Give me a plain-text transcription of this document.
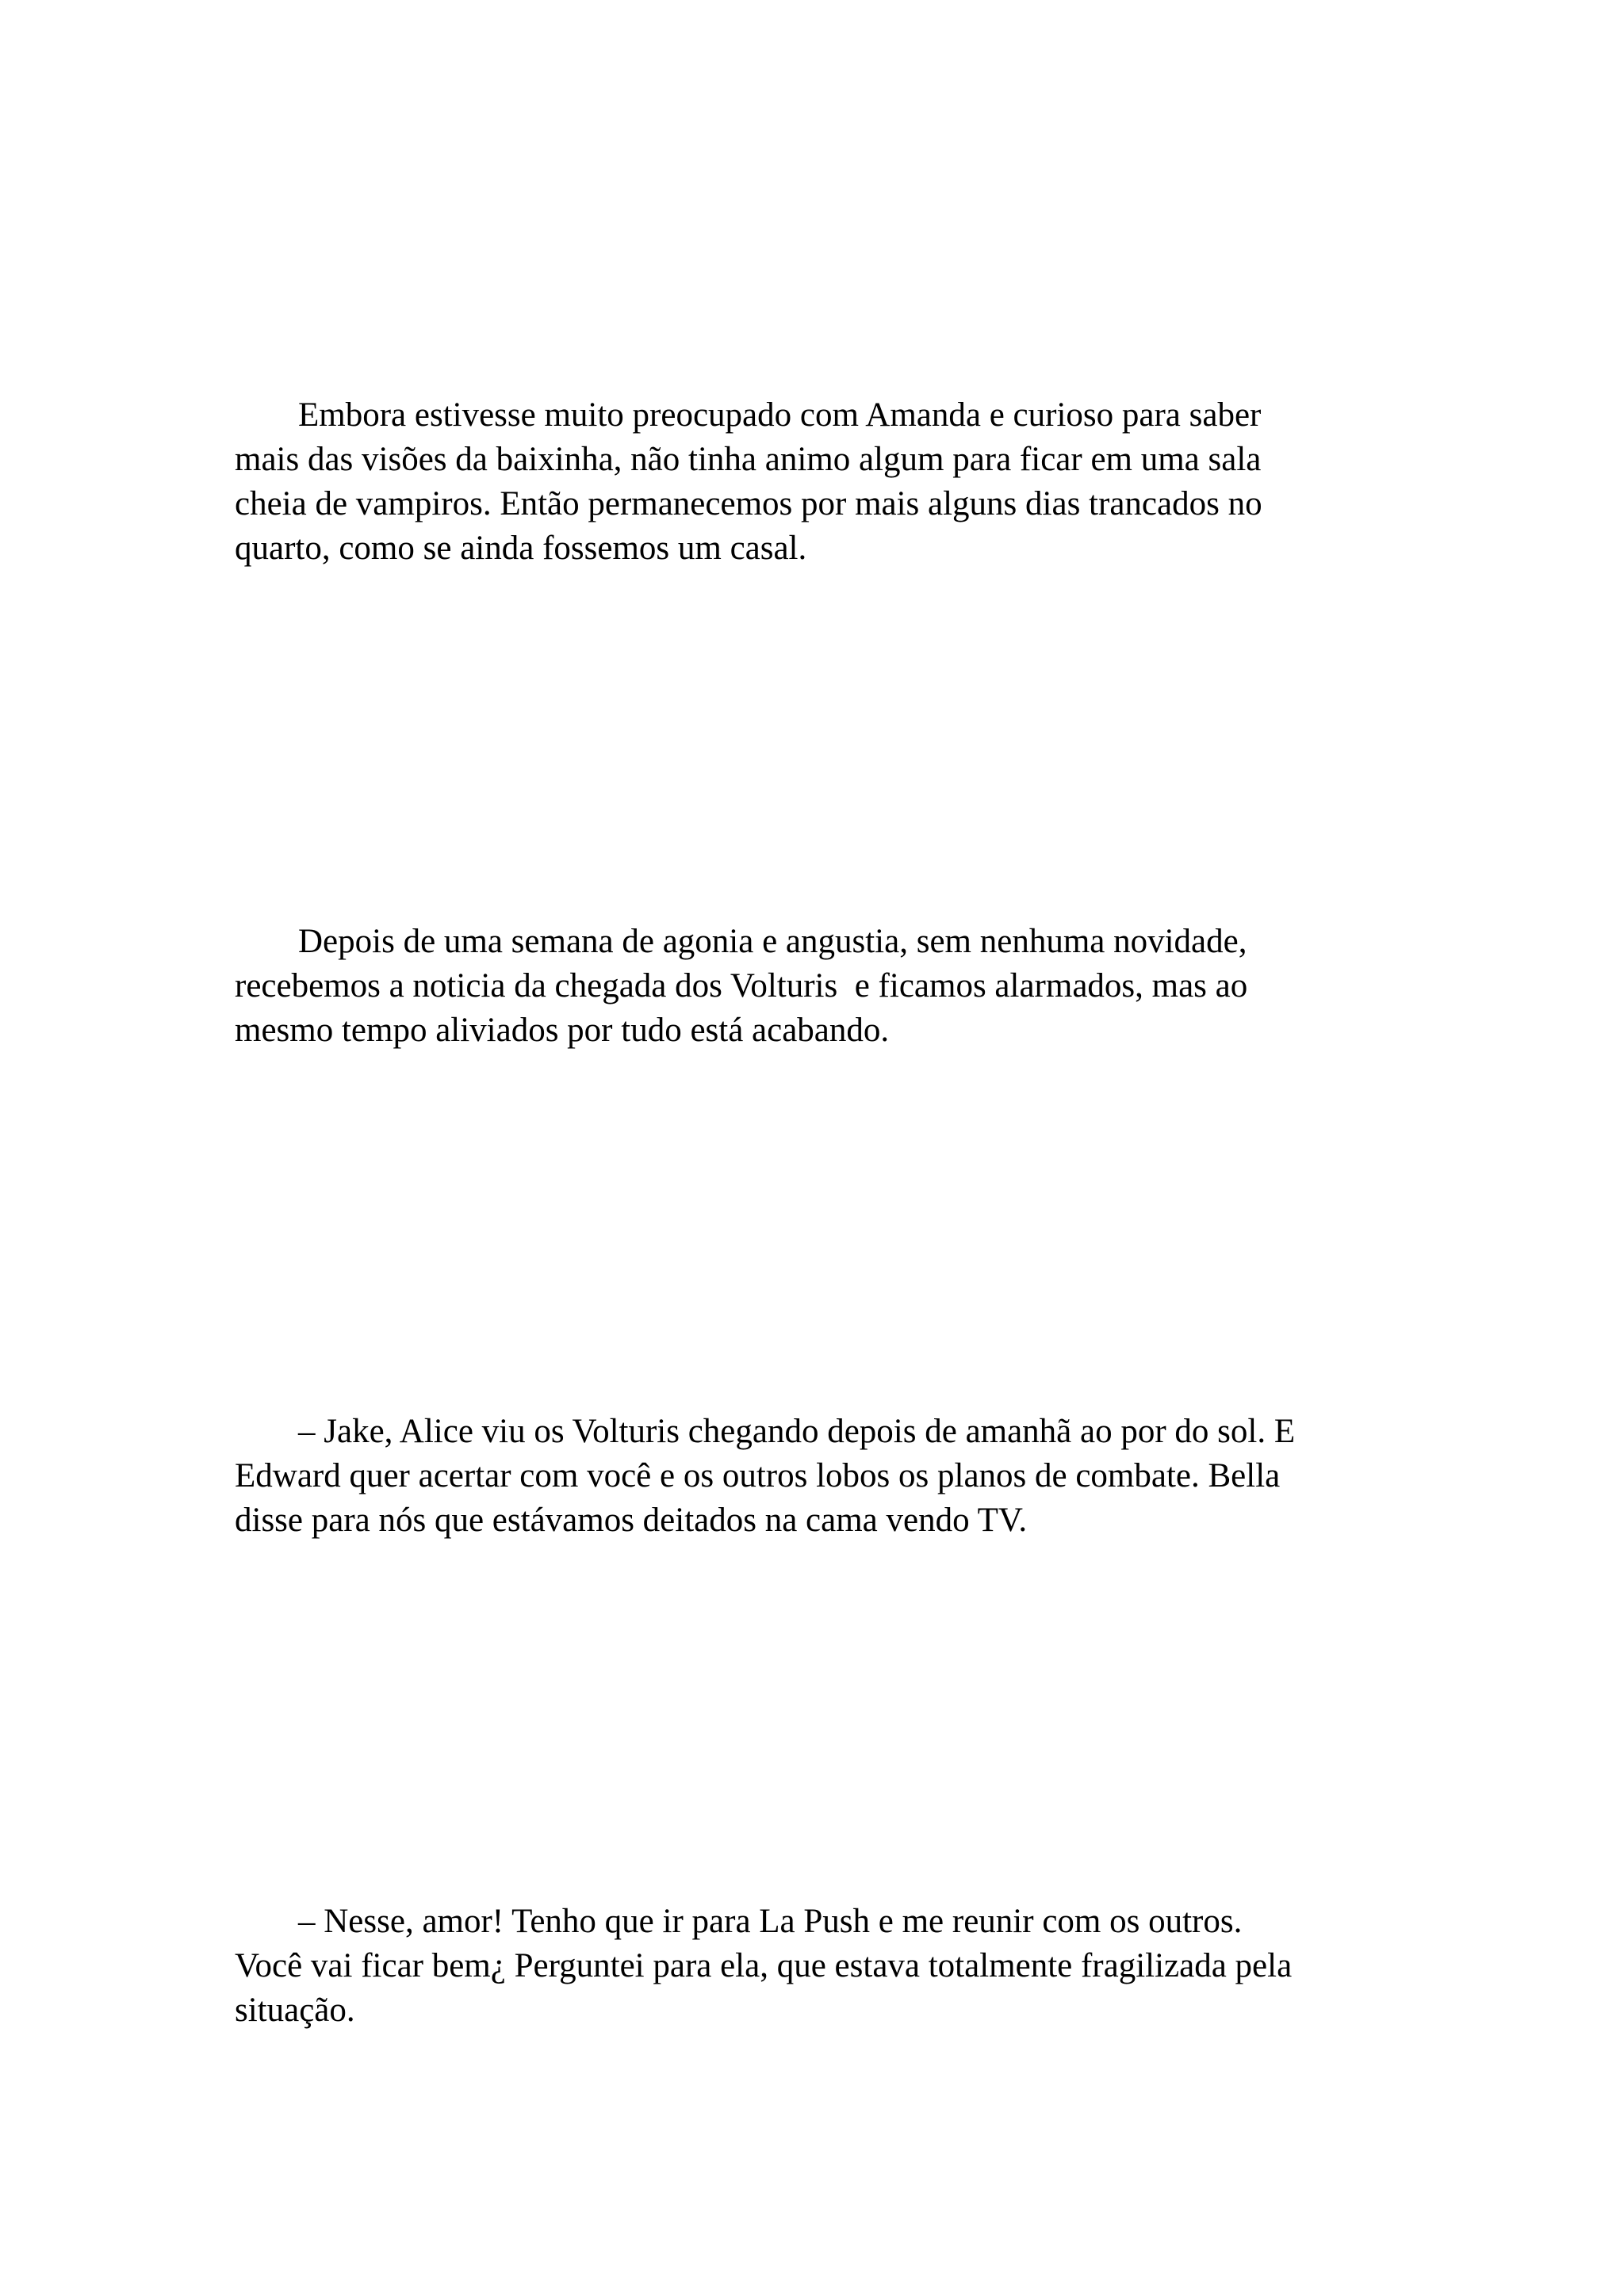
Embora estivesse muito preocupado com Amanda e curioso para saber
mais das visões da baixinha, não tinha animo algum para ficar em uma sala
cheia de vampiros. Então permanecemos por mais alguns dias trancados no
quarto, como se ainda fossemos um casal.

Depois de uma semana de agonia e angustia, sem nenhuma novidade,
recebemos a noticia da chegada dos Volturis  e ficamos alarmados, mas ao
mesmo tempo aliviados por tudo está acabando.

– Jake, Alice viu os Volturis chegando depois de amanhã ao por do sol. E
Edward quer acertar com você e os outros lobos os planos de combate. Bella
disse para nós que estávamos deitados na cama vendo TV.

– Nesse, amor! Tenho que ir para La Push e me reunir com os outros.
Você vai ficar bem¿ Perguntei para ela, que estava totalmente fragilizada pela
situação.
